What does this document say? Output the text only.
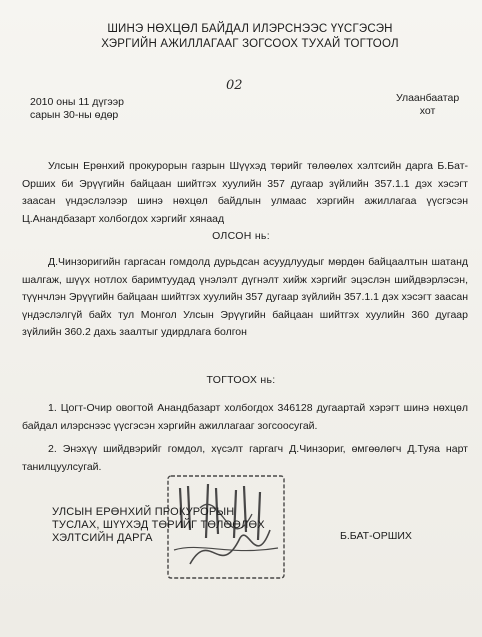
ШИНЭ НӨХЦӨЛ БАЙДАЛ ИЛЭРСНЭЭС ҮҮСГЭСЭН
ХЭРГИЙН АЖИЛЛАГААГ ЗОГСООХ ТУХАЙ ТОГТООЛ
02
2010 оны 11 дүгээр
сарын 30-ны өдөр
Улаанбаатар
хот
Улсын Ерөнхий прокурорын газрын Шүүхэд төрийг төлөөлөх хэлтсийн дарга Б.Бат-Орших би Эрүүгийн байцаан шийтгэх хуулийн 357 дугаар зүйлийн 357.1.1 дэх хэсэгт заасан үндэслэлээр шинэ нөхцөл байдлын улмаас хэргийн ажиллагаа үүсгэсэн Ц.Анандбазарт холбогдох хэргийг хянаад
ОЛСОН нь:
Д.Чинзоригийн гаргасан гомдолд дурьдсан асуудлуудыг мөрдөн байцаалтын шатанд шалгаж, шүүх нотлох баримтуудад үнэлэлт дүгнэлт хийж хэргийг эцэслэн шийдвэрлэсэн, түүнчлэн Эрүүгийн байцаан шийтгэх хуулийн 357 дугаар зүйлийн 357.1.1 дэх хэсэгт заасан үндэслэлгүй байх тул Монгол Улсын Эрүүгийн байцаан шийтгэх хуулийн 360 дугаар зүйлийн 360.2 дахь заалтыг удирдлага болгон
ТОГТООХ нь:
1. Цогт-Очир овогтой Анандбазарт холбогдох 346128 дугаартай хэрэгт шинэ нөхцөл байдал илэрснээс үүсгэсэн хэргийн ажиллагааг зогсоосугай.
2. Энэхүү шийдвэрийг гомдол, хүсэлт гаргагч Д.Чинзориг, өмгөөлөгч Д.Туяа нарт танилцуулсугай.
УЛСЫН ЕРӨНХИЙ ПРОКУРОРЫН
ТУСЛАХ, ШҮҮХЭД ТӨРИЙГ ТӨЛӨӨЛӨХ
ХЭЛТСИЙН ДАРГА	Б.БАТ-ОРШИХ
